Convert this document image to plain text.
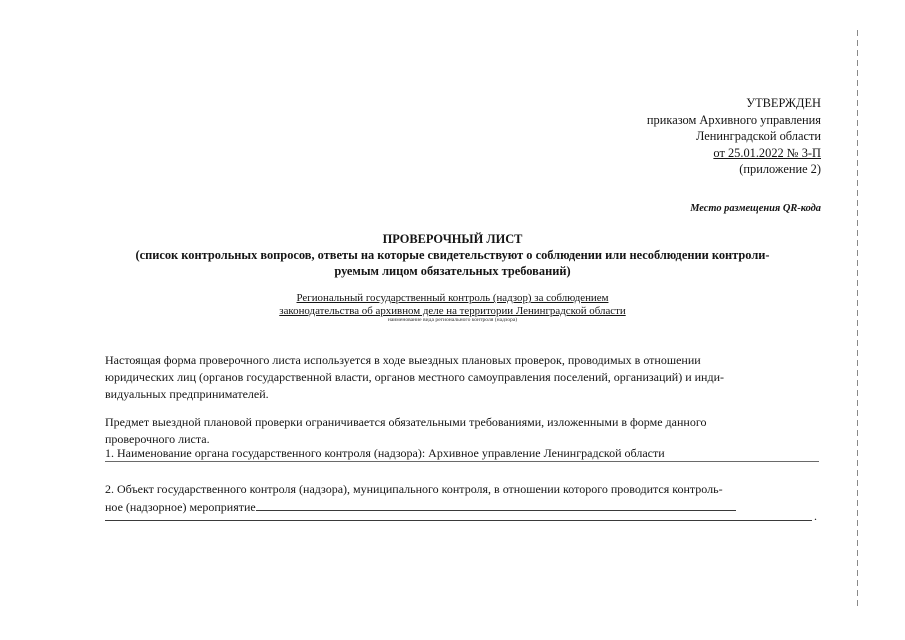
УТВЕРЖДЕН
приказом Архивного управления
Ленинградской области
от 25.01.2022 № 3-П
(приложение 2)
Место размещения QR-кода
ПРОВЕРОЧНЫЙ ЛИСТ
(список контрольных вопросов, ответы на которые свидетельствуют о соблюдении или несоблюдении контроли-
руемым лицом обязательных требований)
Региональный государственный контроль (надзор) за соблюдением
законодательства об архивном деле на территории Ленинградской области
наименование вида регионального контроля (надзора)
Настоящая форма проверочного листа используется в ходе выездных плановых проверок, проводимых в отношении
юридических лиц (органов государственной власти, органов местного самоуправления поселений, организаций) и инди-
видуальных предпринимателей.
Предмет выездной плановой проверки ограничивается обязательными требованиями, изложенными в форме данного
проверочного листа.
1. Наименование органа государственного контроля (надзора): Архивное управление Ленинградской области
2. Объект государственного контроля (надзора), муниципального контроля, в отношении которого проводится контроль-
ное (надзорное) мероприятие
.
